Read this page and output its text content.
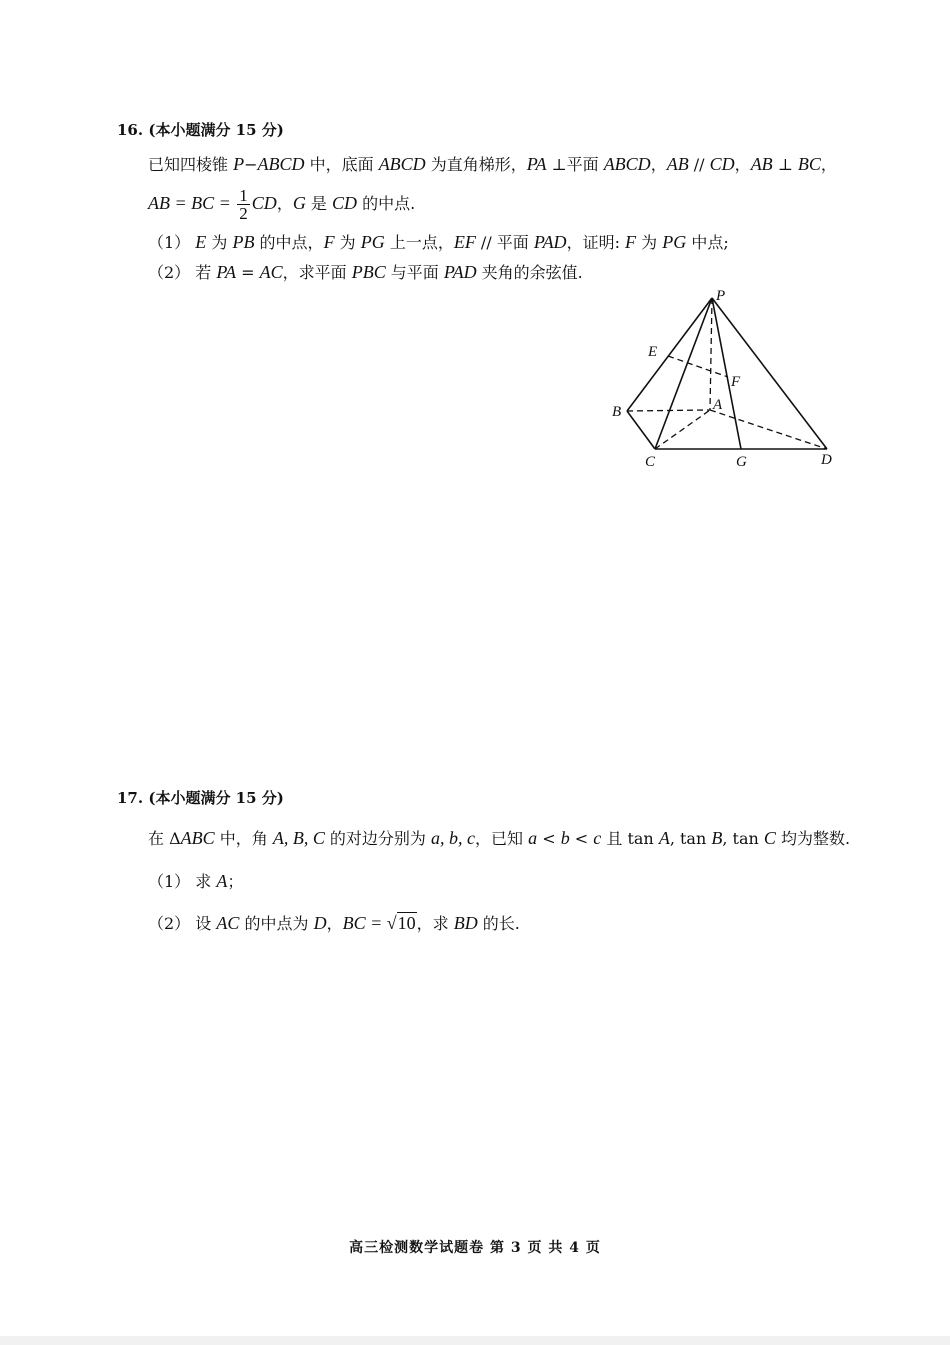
16. (本小题满分 15 分)
已知四棱锥 P−ABCD 中，底面 ABCD 为直角梯形，PA ⊥平面 ABCD，AB // CD，AB ⊥ BC，
AB = BC = $\frac{1}{2}$ CD，G 是 CD 的中点.
（1） E 为 PB 的中点，F 为 PG 上一点，EF // 平面 PAD，证明: F 为 PG 中点;
（2） 若 PA = AC，求平面 PBC 与平面 PAD 夹角的余弦值.
P
E
F
B	A
C	G	D
17. (本小题满分 15 分)
在 ΔABC 中，角 A, B, C 的对边分别为 a, b, c，已知 a < b < c 且 tan A, tan B, tan C 均为整数.
（1） 求 A；
（2） 设 AC 的中点为 D，BC = √10，求 BD 的长.
高三检测数学试题卷 第 3 页 共 4 页
